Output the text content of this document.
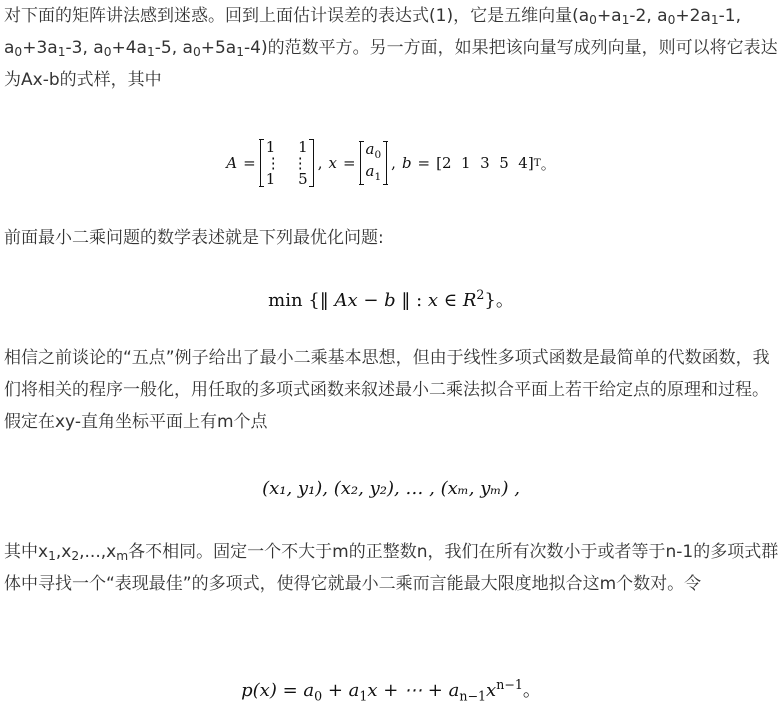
对下面的矩阵讲法感到迷惑。回到上面估计误差的表达式(1)，它是五维向量($a_0+a_1-2$, $a_0+2a_1-1$, $a_0+3a_1-3$, $a_0+4a_1-5$, $a_0+5a_1-4$)的范数平方。另一方面，如果把该向量写成列向量，则可以将它表达为Ax-b的式样，其中

A =
1 1
⋮ ⋮
1 5
, x =
$a_0$
$a_1$
, b = [2  1  3  5  4] T 。

前面最小二乘问题的数学表述就是下列最优化问题:

min {‖ Ax − b ‖ : x ∈ $R^2$}。

相信之前谈论的“五点”例子给出了最小二乘基本思想，但由于线性多项式函数是最简单的代数函数，我们将相关的程序一般化，用任取的多项式函数来叙述最小二乘法拟合平面上若干给定点的原理和过程。假定在xy-直角坐标平面上有m个点

(x₁, y₁), (x₂, y₂), … , (xₘ, yₘ) ,

其中$x_1,x_2,...,x_m$各不相同。固定一个不大于m的正整数n，我们在所有次数小于或者等于n-1的多项式群体中寻找一个“表现最佳”的多项式，使得它就最小二乘而言能最大限度地拟合这m个数对。令

$p(x) = a_0 + a_1x$ + ⋯ + $a_{n-1}x^{n-1}$。
